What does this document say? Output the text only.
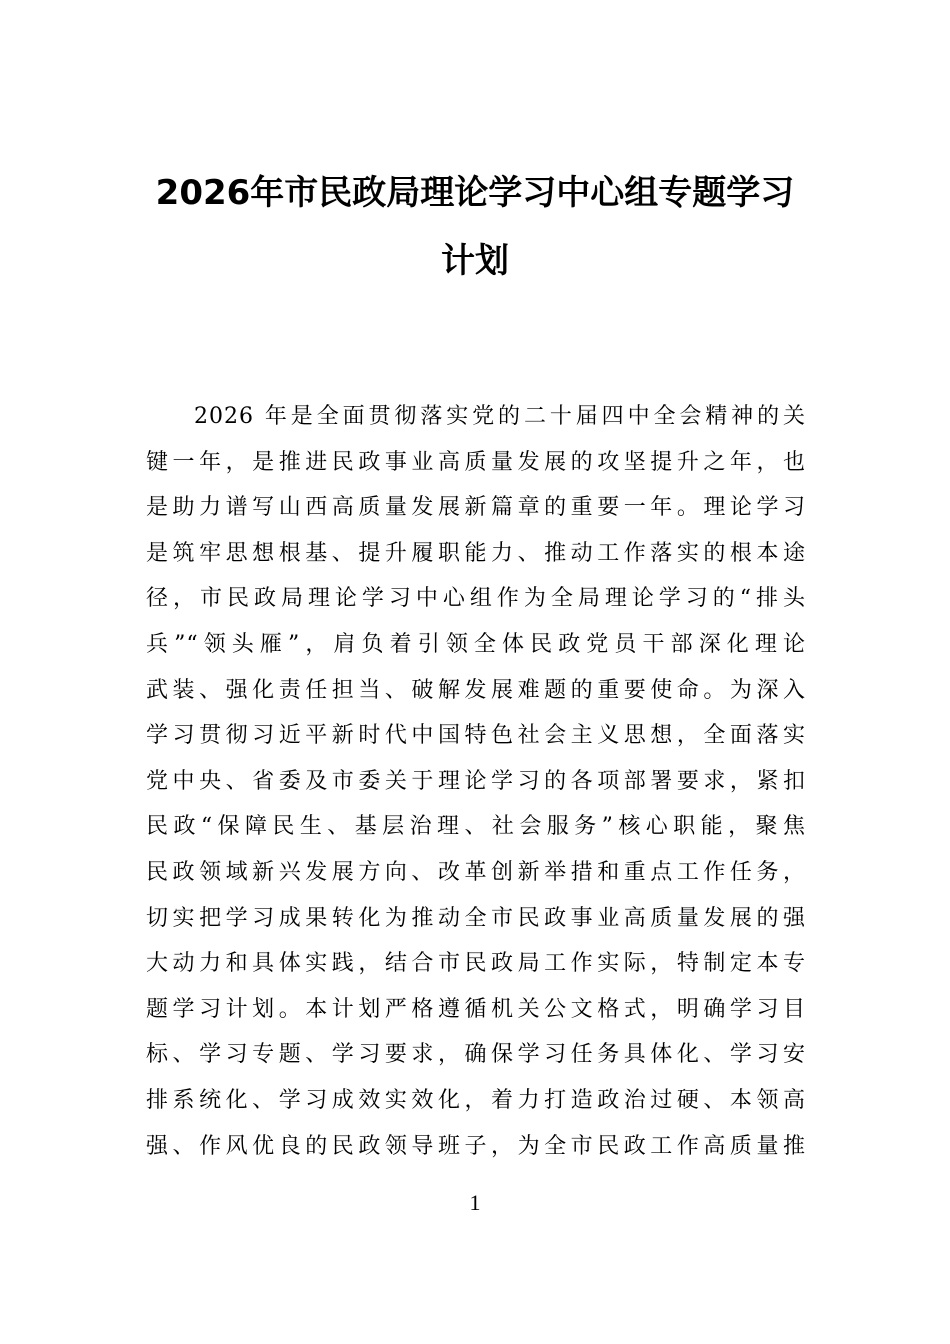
2026年市民政局理论学习中心组专题学习
计划
2026 年是全面贯彻落实党的二十届四中全会精神的关
键一年，是推进民政事业高质量发展的攻坚提升之年，也
是助力谱写山西高质量发展新篇章的重要一年。理论学习
是筑牢思想根基、提升履职能力、推动工作落实的根本途
径，市民政局理论学习中心组作为全局理论学习的“排头
兵”“领头雁”，肩负着引领全体民政党员干部深化理论
武装、强化责任担当、破解发展难题的重要使命。为深入
学习贯彻习近平新时代中国特色社会主义思想，全面落实
党中央、省委及市委关于理论学习的各项部署要求，紧扣
民政“保障民生、基层治理、社会服务”核心职能，聚焦
民政领域新兴发展方向、改革创新举措和重点工作任务，
切实把学习成果转化为推动全市民政事业高质量发展的强
大动力和具体实践，结合市民政局工作实际，特制定本专
题学习计划。本计划严格遵循机关公文格式，明确学习目
标、学习专题、学习要求，确保学习任务具体化、学习安
排系统化、学习成效实效化，着力打造政治过硬、本领高
强、作风优良的民政领导班子，为全市民政工作高质量推
1
